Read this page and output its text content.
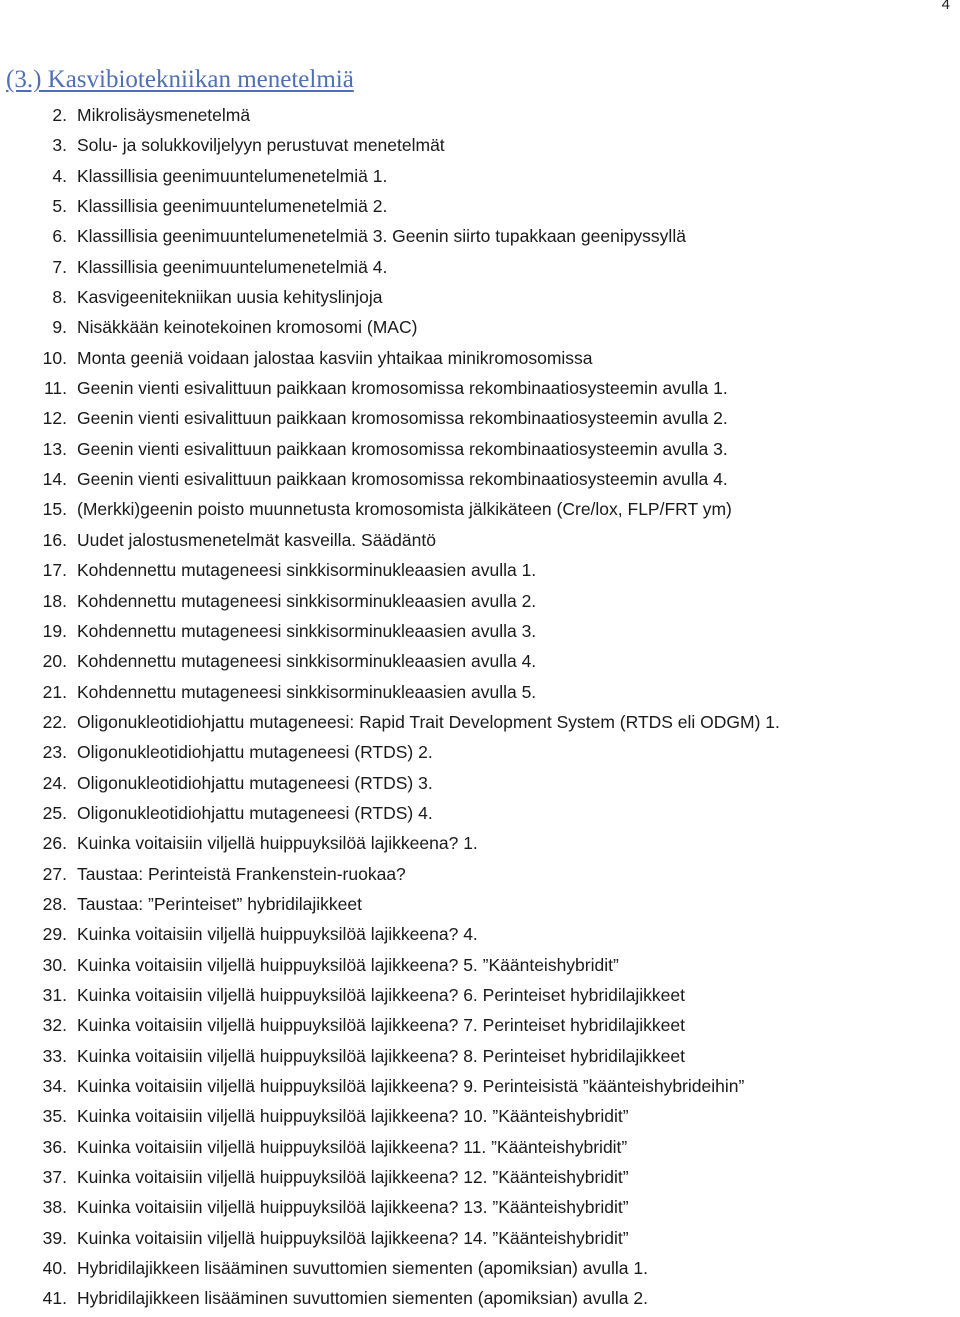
4
(3.) Kasvibiotekniikan menetelmiä
2. Mikrolisäysmenetelmä
3. Solu- ja solukkoviljelyyn perustuvat menetelmät
4. Klassillisia geenimuuntelumenetelmiä 1.
5. Klassillisia geenimuuntelumenetelmiä 2.
6. Klassillisia geenimuuntelumenetelmiä 3. Geenin siirto tupakkaan geenipyssyllä
7. Klassillisia geenimuuntelumenetelmiä 4.
8. Kasvigeenitekniikan uusia kehityslinjoja
9. Nisäkkään keinotekoinen kromosomi (MAC)
10. Monta geeniä voidaan jalostaa kasviin yhtaikaa minikromosomissa
11. Geenin vienti esivalittuun paikkaan kromosomissa rekombinaatiosysteemin avulla 1.
12. Geenin vienti esivalittuun paikkaan kromosomissa rekombinaatiosysteemin avulla 2.
13. Geenin vienti esivalittuun paikkaan kromosomissa rekombinaatiosysteemin avulla 3.
14. Geenin vienti esivalittuun paikkaan kromosomissa rekombinaatiosysteemin avulla 4.
15. (Merkki)geenin poisto muunnetusta kromosomista jälkikäteen (Cre/lox, FLP/FRT ym)
16. Uudet jalostusmenetelmät kasveilla. Säädäntö
17. Kohdennettu mutageneesi sinkkisorminukleaasien avulla 1.
18. Kohdennettu mutageneesi sinkkisorminukleaasien avulla 2.
19. Kohdennettu mutageneesi sinkkisorminukleaasien avulla 3.
20. Kohdennettu mutageneesi sinkkisorminukleaasien avulla 4.
21. Kohdennettu mutageneesi sinkkisorminukleaasien avulla 5.
22. Oligonukleotidiohjattu mutageneesi: Rapid Trait Development System (RTDS eli ODGM) 1.
23. Oligonukleotidiohjattu mutageneesi (RTDS) 2.
24. Oligonukleotidiohjattu mutageneesi (RTDS) 3.
25. Oligonukleotidiohjattu mutageneesi (RTDS) 4.
26. Kuinka voitaisiin viljellä huippuyksilöä lajikkeena? 1.
27. Taustaa: Perinteistä Frankenstein-ruokaa?
28. Taustaa: ”Perinteiset” hybridilajikkeet
29. Kuinka voitaisiin viljellä huippuyksilöä lajikkeena? 4.
30. Kuinka voitaisiin viljellä huippuyksilöä lajikkeena? 5. ”Käänteishybridit”
31. Kuinka voitaisiin viljellä huippuyksilöä lajikkeena? 6. Perinteiset hybridilajikkeet
32. Kuinka voitaisiin viljellä huippuyksilöä lajikkeena? 7. Perinteiset hybridilajikkeet
33. Kuinka voitaisiin viljellä huippuyksilöä lajikkeena? 8. Perinteiset hybridilajikkeet
34. Kuinka voitaisiin viljellä huippuyksilöä lajikkeena? 9. Perinteisistä ”käänteishybrideihin”
35. Kuinka voitaisiin viljellä huippuyksilöä lajikkeena? 10. ”Käänteishybridit”
36. Kuinka voitaisiin viljellä huippuyksilöä lajikkeena? 11. ”Käänteishybridit”
37. Kuinka voitaisiin viljellä huippuyksilöä lajikkeena? 12. ”Käänteishybridit”
38. Kuinka voitaisiin viljellä huippuyksilöä lajikkeena? 13. ”Käänteishybridit”
39. Kuinka voitaisiin viljellä huippuyksilöä lajikkeena? 14. ”Käänteishybridit”
40. Hybridilajikkeen lisääminen suvuttomien siementen (apomiksian) avulla 1.
41. Hybridilajikkeen lisääminen suvuttomien siementen (apomiksian) avulla 2.
